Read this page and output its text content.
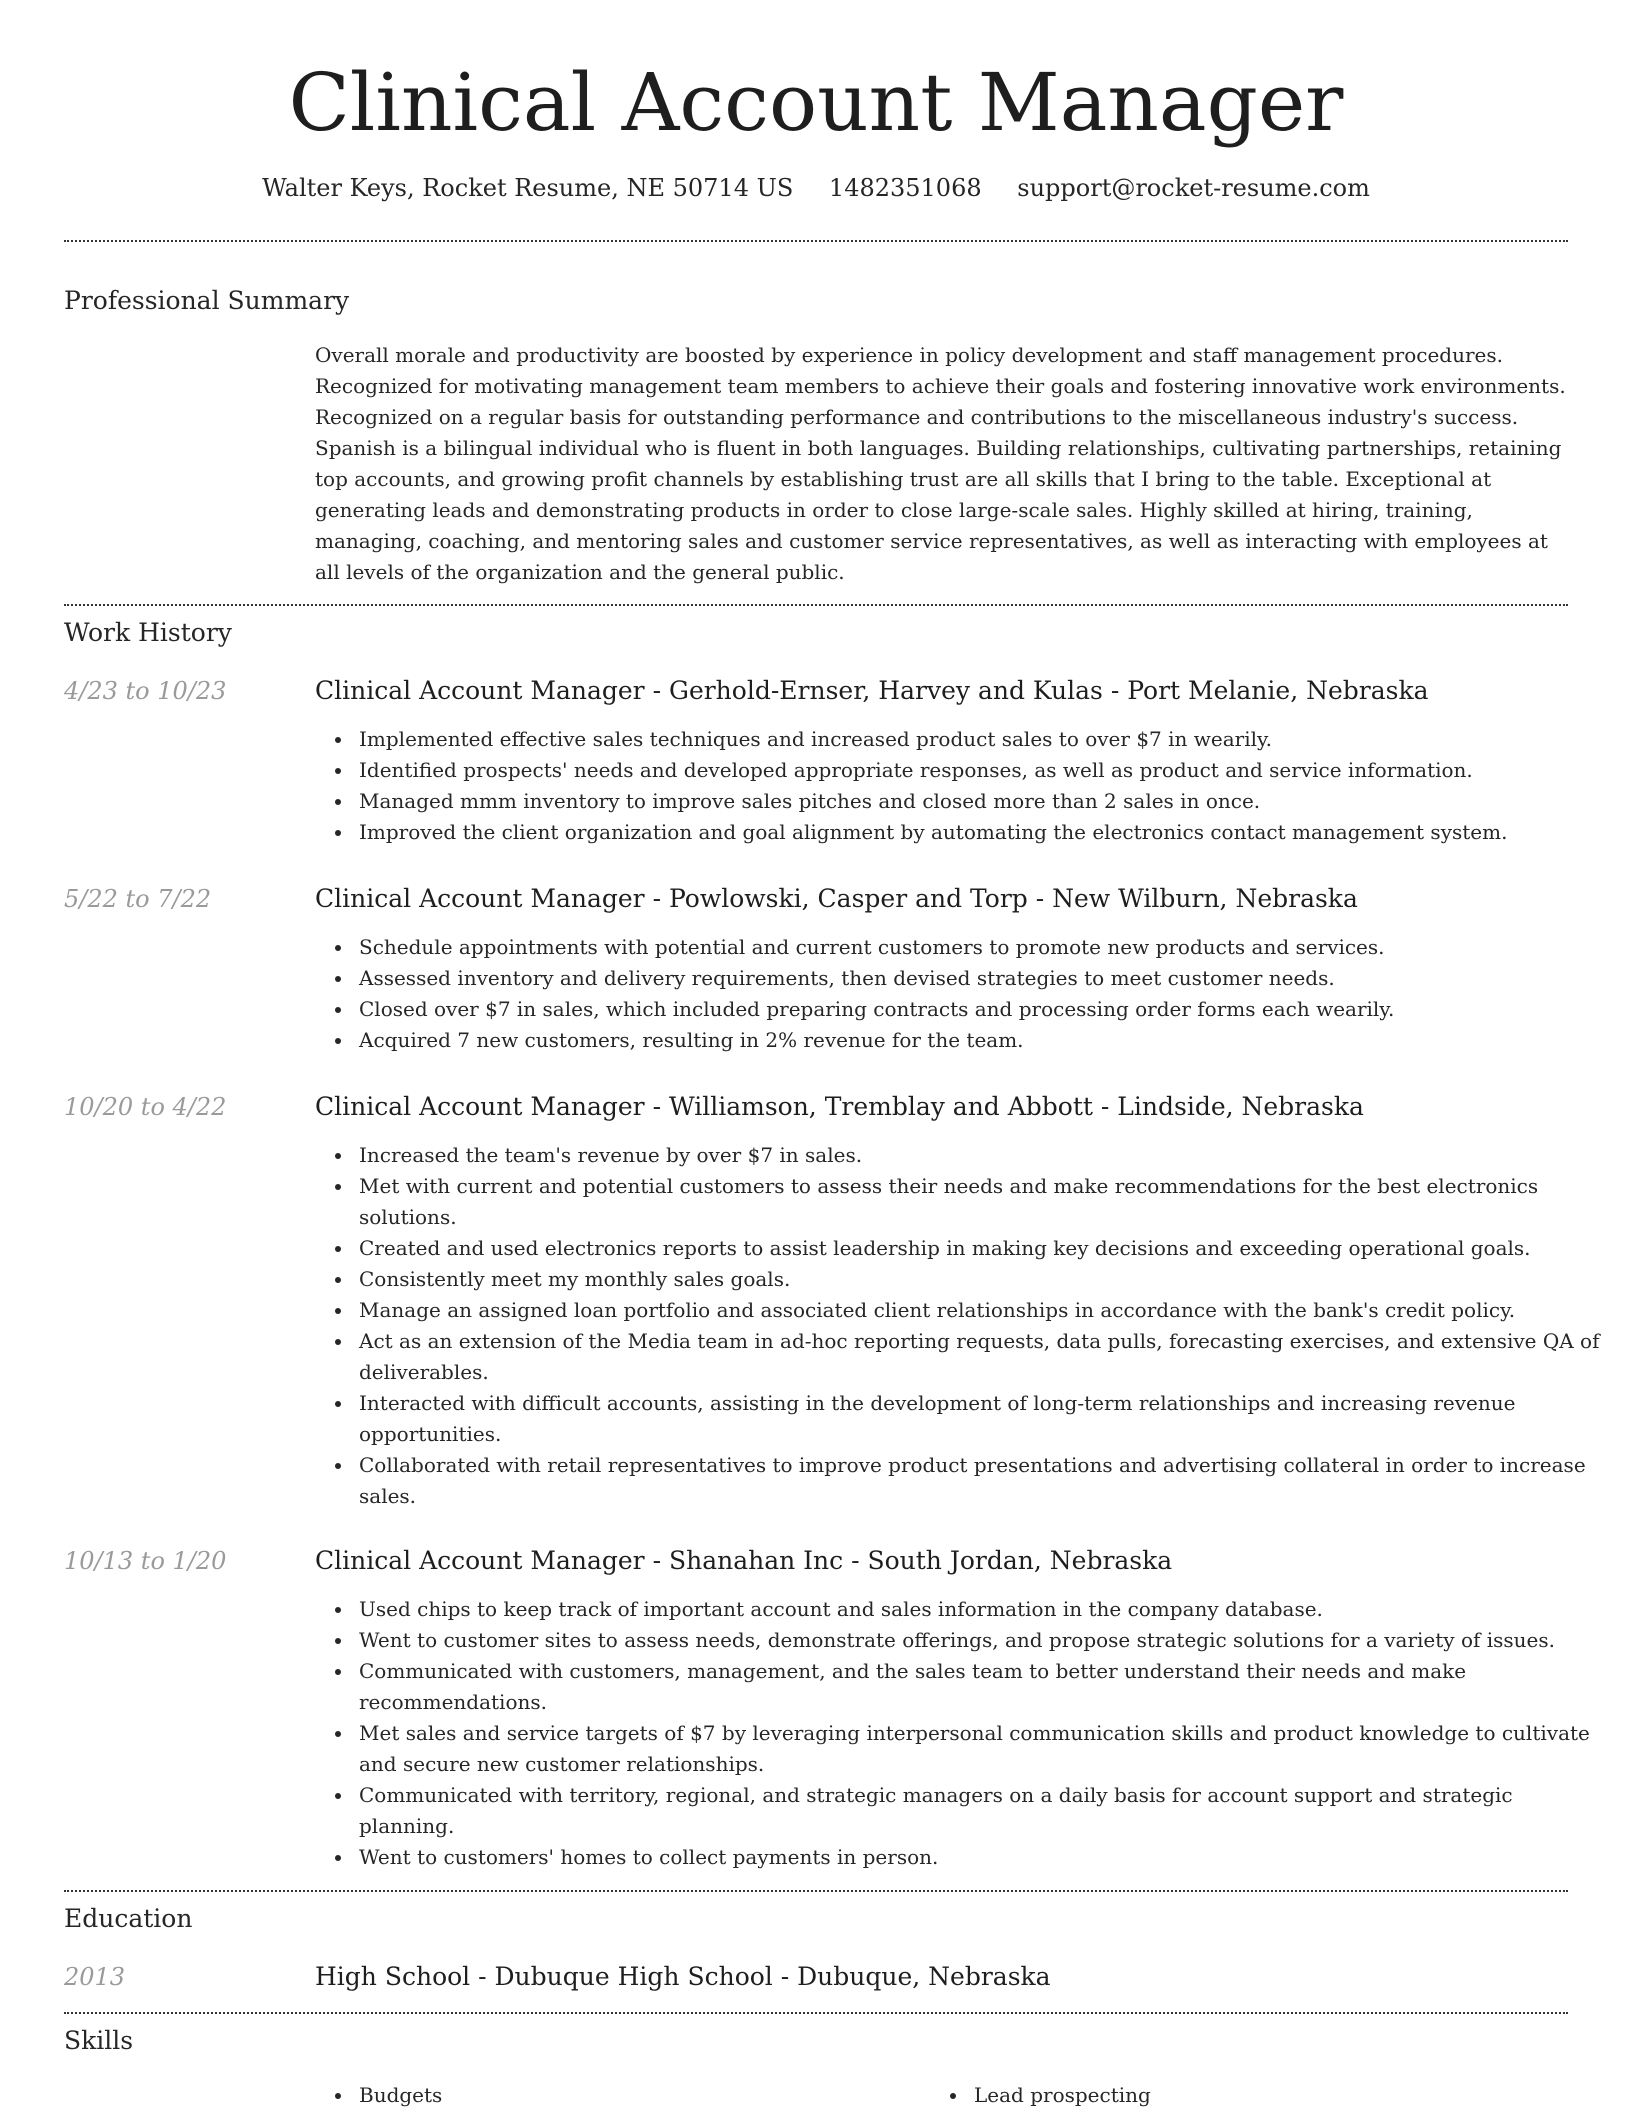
Clinical Account Manager
Walter Keys, Rocket Resume, NE 50714 US 1482351068 support@rocket-resume.com
Professional Summary

Overall morale and productivity are boosted by experience in policy development and staff management procedures. Recognized for motivating management team members to achieve their goals and fostering innovative work environments. Recognized on a regular basis for outstanding performance and contributions to the miscellaneous industry's success. Spanish is a bilingual individual who is fluent in both languages. Building relationships, cultivating partnerships, retaining top accounts, and growing profit channels by establishing trust are all skills that I bring to the table. Exceptional at generating leads and demonstrating products in order to close large-scale sales. Highly skilled at hiring, training, managing, coaching, and mentoring sales and customer service representatives, as well as interacting with employees at all levels of the organization and the general public.

Work History
4/23 to 10/23	Clinical Account Manager - Gerhold-Ernser, Harvey and Kulas - Port Melanie, Nebraska
Implemented effective sales techniques and increased product sales to over $7 in wearily.
Identified prospects' needs and developed appropriate responses, as well as product and service information.
Managed mmm inventory to improve sales pitches and closed more than 2 sales in once.
Improved the client organization and goal alignment by automating the electronics contact management system.
5/22 to 7/22	Clinical Account Manager - Powlowski, Casper and Torp - New Wilburn, Nebraska
Schedule appointments with potential and current customers to promote new products and services.
Assessed inventory and delivery requirements, then devised strategies to meet customer needs.
Closed over $7 in sales, which included preparing contracts and processing order forms each wearily.
Acquired 7 new customers, resulting in 2% revenue for the team.
10/20 to 4/22	Clinical Account Manager - Williamson, Tremblay and Abbott - Lindside, Nebraska
Increased the team's revenue by over $7 in sales.
Met with current and potential customers to assess their needs and make recommendations for the best electronics solutions.
Created and used electronics reports to assist leadership in making key decisions and exceeding operational goals.
Consistently meet my monthly sales goals.
Manage an assigned loan portfolio and associated client relationships in accordance with the bank's credit policy.
Act as an extension of the Media team in ad-hoc reporting requests, data pulls, forecasting exercises, and extensive QA of deliverables.
Interacted with difficult accounts, assisting in the development of long-term relationships and increasing revenue opportunities.
Collaborated with retail representatives to improve product presentations and advertising collateral in order to increase sales.
10/13 to 1/20	Clinical Account Manager - Shanahan Inc - South Jordan, Nebraska
Used chips to keep track of important account and sales information in the company database.
Went to customer sites to assess needs, demonstrate offerings, and propose strategic solutions for a variety of issues.
Communicated with customers, management, and the sales team to better understand their needs and make recommendations.
Met sales and service targets of $7 by leveraging interpersonal communication skills and product knowledge to cultivate and secure new customer relationships.
Communicated with territory, regional, and strategic managers on a daily basis for account support and strategic planning.
Went to customers' homes to collect payments in person.
Education
2013	High School - Dubuque High School - Dubuque, Nebraska
Skills
Budgets	Lead prospecting
